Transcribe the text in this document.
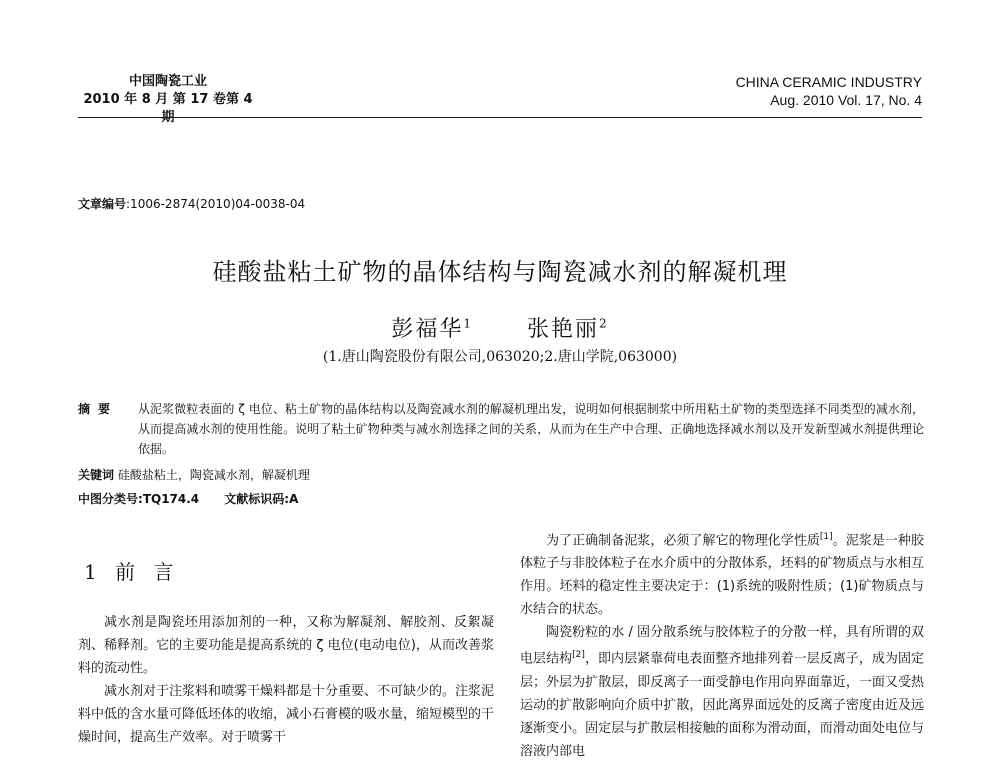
中国陶瓷工业
2010 年 8 月 第 17 卷第 4 期
CHINA CERAMIC INDUSTRY
Aug. 2010 Vol. 17, No. 4
文章编号:1006-2874(2010)04-0038-04
硅酸盐粘土矿物的晶体结构与陶瓷减水剂的解凝机理
彭福华$^1$ 张艳丽$^2$
(1.唐山陶瓷股份有限公司,063020;2.唐山学院,063000)
摘要 从泥浆微粒表面的 ζ 电位、粘土矿物的晶体结构以及陶瓷减水剂的解凝机理出发，说明如何根据制浆中所用粘土矿物的类型选择不同类型的减水剂，从而提高减水剂的使用性能。说明了粘土矿物种类与减水剂选择之间的关系，从而为在生产中合理、正确地选择减水剂以及开发新型减水剂提供理论依据。
关键词 硅酸盐粘土，陶瓷减水剂，解凝机理
中图分类号:TQ174.4 文献标识码:A
1 前 言

减水剂是陶瓷坯用添加剂的一种，又称为解凝剂、解胶剂、反絮凝剂、稀释剂。它的主要功能是提高系统的 ζ 电位(电动电位)，从而改善浆料的流动性。

减水剂对于注浆料和喷雾干燥料都是十分重要、不可缺少的。注浆泥料中低的含水量可降低坯体的收缩，减小石膏模的吸水量，缩短模型的干燥时间，提高生产效率。对于喷雾干

为了正确制备泥浆，必须了解它的物理化学性质[1]。泥浆是一种胶体粒子与非胶体粒子在水介质中的分散体系，坯料的矿物质点与水相互作用。坯料的稳定性主要决定于：(1)系统的吸附性质；(1)矿物质点与水结合的状态。

陶瓷粉粒的水 / 固分散系统与胶体粒子的分散一样，具有所谓的双电层结构[2]，即内层紧靠荷电表面整齐地排列着一层反离子，成为固定层；外层为扩散层，即反离子一面受静电作用向界面靠近，一面又受热运动的扩散影响向介质中扩散，因此离界面远处的反离子密度由近及远逐渐变小。固定层与扩散层相接触的面称为滑动面，而滑动面处电位与溶液内部电
